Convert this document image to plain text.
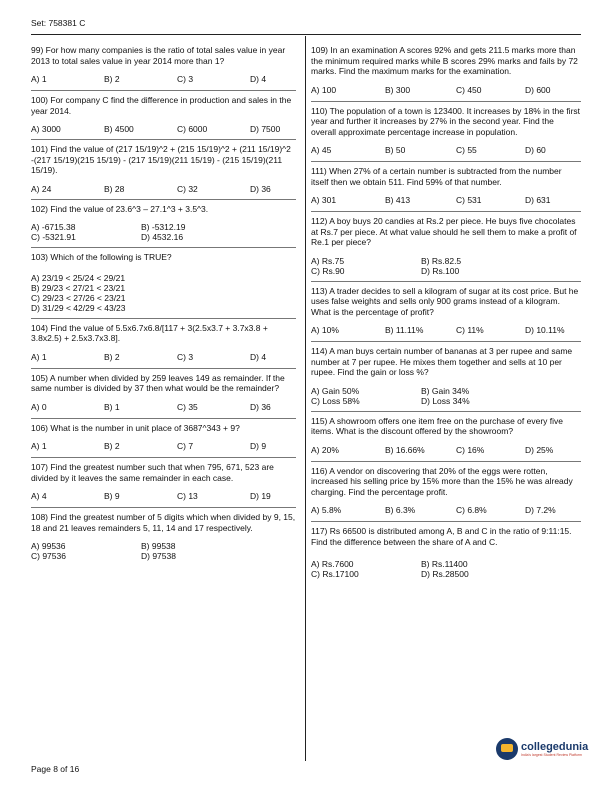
Set: 758381 C
99) For how many companies is the ratio of total sales value in year 2013 to total sales value in year 2014 more than 1?
A) 1	B) 2	C) 3	D) 4
100) For company C find the difference in production and sales in the year 2014.
A) 3000	B) 4500	C) 6000	D) 7500
101) Find the value of (217 15/19)^2 + (215 15/19)^2 + (211 15/19)^2 -(217 15/19)(215 15/19) - (217 15/19)(211 15/19) - (215 15/19)(211 15/19).
A) 24	B) 28	C) 32	D) 36
102) Find the value of 23.6^3 – 27.1^3 + 3.5^3.
A) -6715.38	B) -5312.19
C) -5321.91	D) 4532.16
103) Which of the following is TRUE?
A) 23/19 < 25/24 < 29/21
B) 29/23 < 27/21 < 23/21
C) 29/23 < 27/26 < 23/21
D) 31/29 < 42/29 < 43/23
104) Find the value of 5.5x6.7x6.8/[117 + 3(2.5x3.7 + 3.7x3.8 + 3.8x2.5) + 2.5x3.7x3.8].
A) 1	B) 2	C) 3	D) 4
105) A number when divided by 259 leaves 149 as remainder. If the same number is divided by 37 then what would be the remainder?
A) 0	B) 1	C) 35	D) 36
106) What is the number in unit place of 3687^343 + 9?
A) 1	B) 2	C) 7	D) 9
107) Find the greatest number such that when 795, 671, 523 are divided by it leaves the same remainder in each case.
A) 4	B) 9	C) 13	D) 19
108) Find the greatest number of 5 digits which when divided by 9, 15, 18 and 21 leaves remainders 5, 11, 14 and 17 respectively.
A) 99536	B) 99538
C) 97536	D) 97538
109) In an examination A scores 92% and gets 211.5 marks more than the minimum required marks while B scores 29% marks and fails by 72 marks. Find the maximum marks for the examination.
A) 100	B) 300	C) 450	D) 600
110) The population of a town is 123400. It increases by 18% in the first year and further it increases by 27% in the second year. Find the overall approximate percentage increase in population.
A) 45	B) 50	C) 55	D) 60
111) When 27% of a certain number is subtracted from the number itself then we obtain 511. Find 59% of that number.
A) 301	B) 413	C) 531	D) 631
112) A boy buys 20 candies at Rs.2 per piece. He buys five chocolates at Rs.7 per piece. At what value should he sell them to make a profit of Re.1 per piece?
A) Rs.75	B) Rs.82.5
C) Rs.90	D) Rs.100
113) A trader decides to sell a kilogram of sugar at its cost price. But he uses false weights and sells only 900 grams instead of a kilogram. What is the percentage of profit?
A) 10%	B) 11.11%	C) 11%	D) 10.11%
114) A man buys certain number of bananas at 3 per rupee and same number at 7 per rupee. He mixes them together and sells at 10 per rupee. Find the gain or loss %?
A) Gain 50%	B) Gain 34%
C) Loss 58%	D) Loss 34%
115) A showroom offers one item free on the purchase of every five items. What is the discount offered by the showroom?
A) 20%	B) 16.66%	C) 16%	D) 25%
116) A vendor on discovering that 20% of the eggs were rotten, increased his selling price by 15% more than the 15% he was already charging. Find the percentage profit.
A) 5.8%	B) 6.3%	C) 6.8%	D) 7.2%
117) Rs 66500 is distributed among A, B and C in the ratio of 9:11:15. Find the difference between the share of A and C.
A) Rs.7600	B) Rs.11400
C) Rs.17100	D) Rs.28500
collegedunia
India's largest Student Review Platform
Page 8 of 16
